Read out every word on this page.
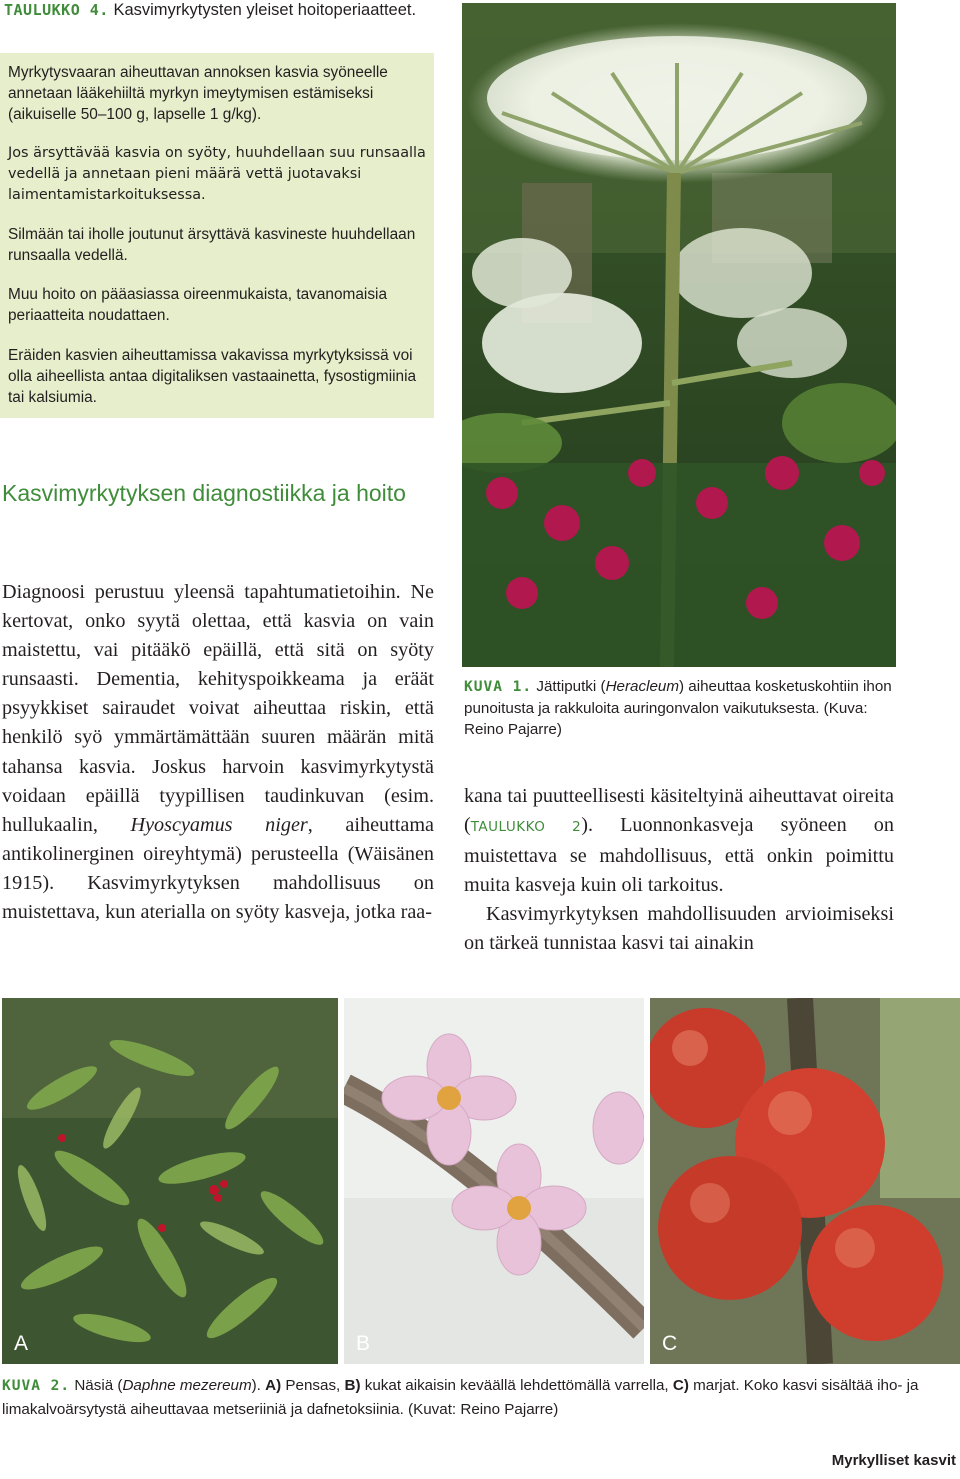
TAULUKKO 4. Kasvimyrkytysten yleiset hoitoperiaatteet.
Myrkytysvaaran aiheuttavan annoksen kasvia syöneelle annetaan lääkehiiltä myrkyn imeytymisen estämiseksi (aikuiselle 50–100 g, lapselle 1 g/kg).
Jos ärsyttävää kasvia on syöty, huuhdellaan suu runsaalla vedellä ja annetaan pieni määrä vettä juotavaksi laimentamistarkoituksessa.
Silmään tai iholle joutunut ärsyttävä kasvineste huuhdellaan runsaalla vedellä.
Muu hoito on pääasiassa oireenmukaista, tavanomaisia periaatteita noudattaen.
Eräiden kasvien aiheuttamissa vakavissa myrkytyksissä voi olla aiheellista antaa digitaliksen vastaainetta, fysostigmiinia tai kalsiumia.
Kasvimyrkytyksen diagnostiikka ja hoito
Diagnoosi perustuu yleensä tapahtumatietoihin. Ne kertovat, onko syytä olettaa, että kasvia on vain maistettu, vai pitääkö epäillä, että sitä on syöty runsaasti. Dementia, kehityspoikkeama ja eräät psyykkiset sairaudet voivat aiheuttaa riskin, että henkilö syö ymmärtämättään suuren määrän mitä tahansa kasvia. Joskus harvoin kasvimyrkytystä voidaan epäillä tyypillisen taudinkuvan (esim. hullukaalin, Hyoscyamus niger, aiheuttama antikolinerginen oireyhtymä) perusteella (Wäisänen 1915). Kasvimyrkytyksen mahdollisuus on muistettava, kun aterialla on syöty kasveja, jotka raa-
KUVA 1. Jättiputki (Heracleum) aiheuttaa kosketuskohtiin ihon punoitusta ja rakkuloita auringonvalon vaikutuksesta. (Kuva: Reino Pajarre)
kana tai puutteellisesti käsiteltyinä aiheuttavat oireita (TAULUKKO 2). Luonnonkasveja syöneen on muistettava se mahdollisuus, että onkin poimittu muita kasveja kuin oli tarkoitus.
Kasvimyrkytyksen mahdollisuuden arvioimiseksi on tärkeä tunnistaa kasvi tai ainakin
A	B	C
KUVA 2. Näsiä (Daphne mezereum). A) Pensas, B) kukat aikaisin keväällä lehdettömällä varrella, C) marjat. Koko kasvi sisältää iho- ja limakalvoärsytystä aiheuttavaa metseriiniä ja dafnetoksiinia. (Kuvat: Reino Pajarre)
Myrkylliset kasvit
